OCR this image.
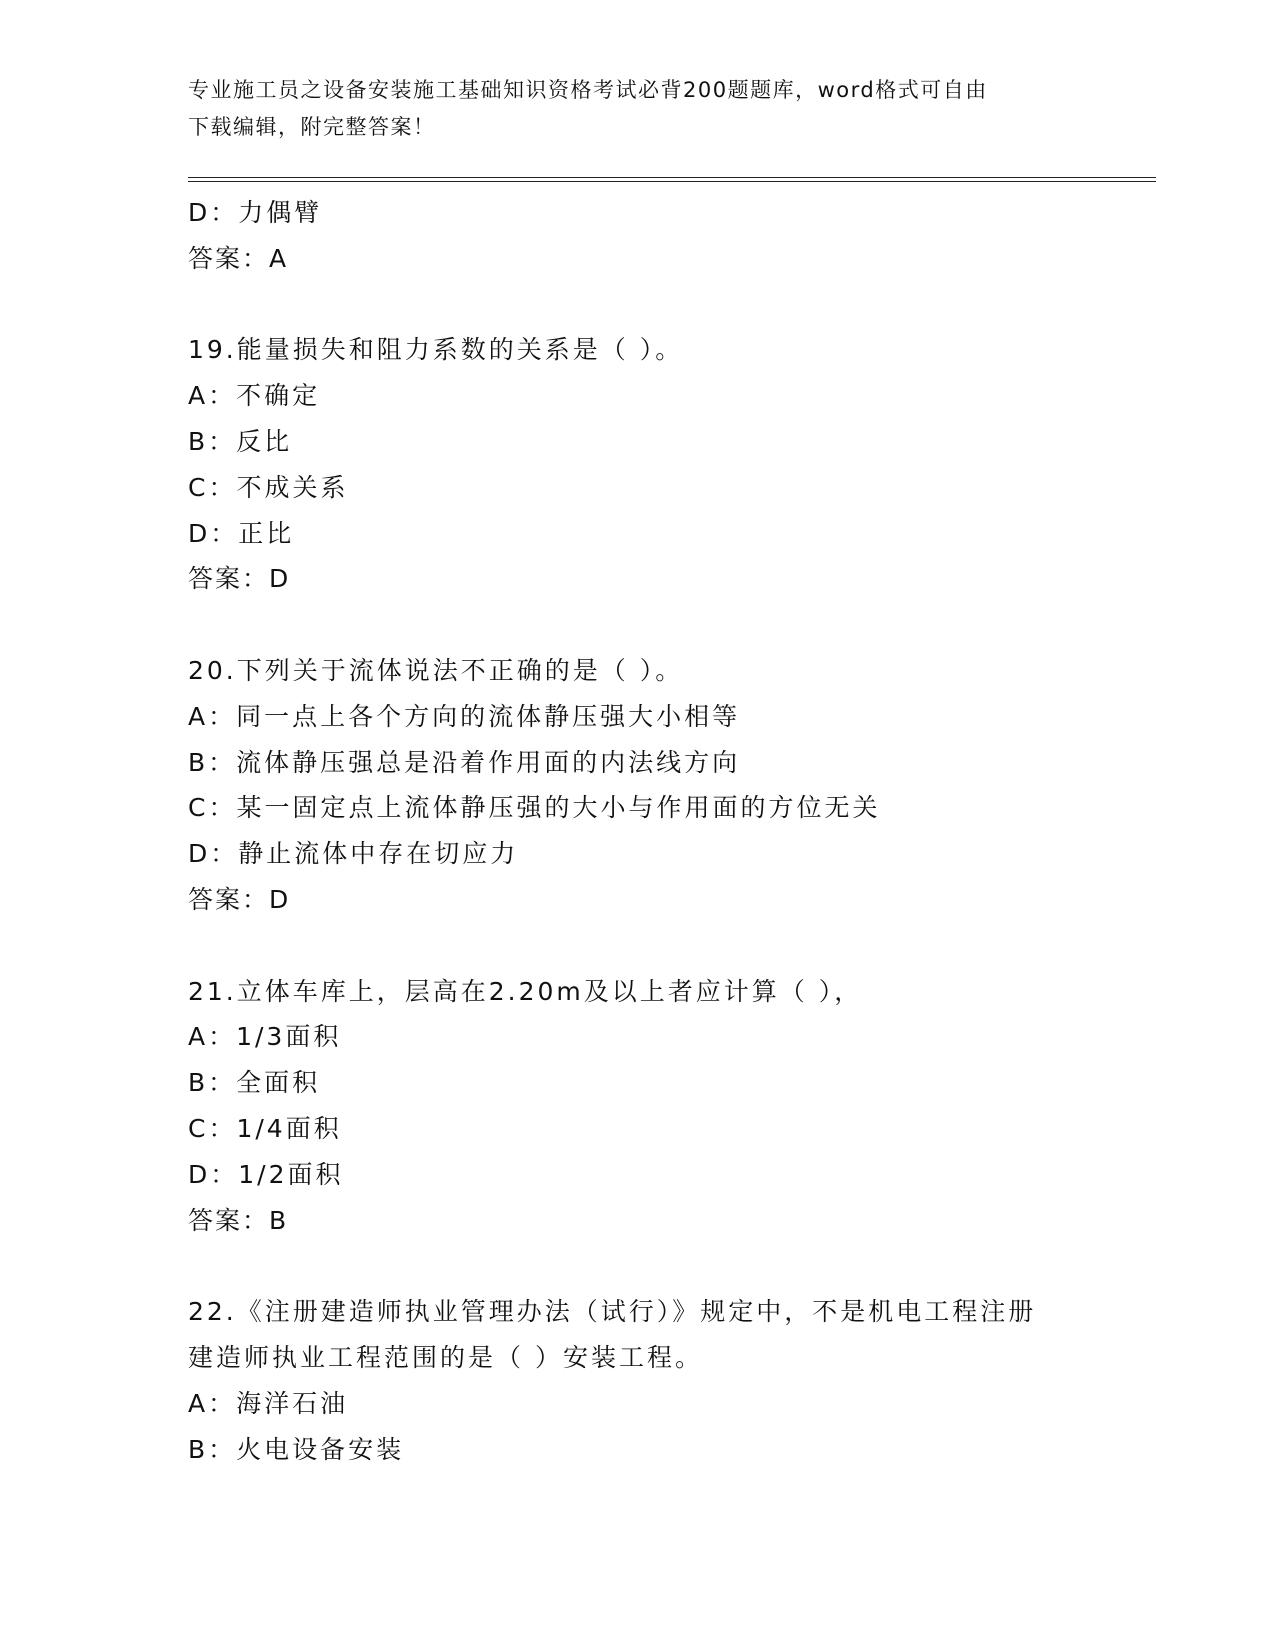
专业施工员之设备安装施工基础知识资格考试必背200题题库，word格式可自由
下载编辑，附完整答案！
D：力偶臂
答案：A
19.能量损失和阻力系数的关系是（ ）。
A：不确定
B：反比
C：不成关系
D：正比
答案：D
20.下列关于流体说法不正确的是（ ）。
A：同一点上各个方向的流体静压强大小相等
B：流体静压强总是沿着作用面的内法线方向
C：某一固定点上流体静压强的大小与作用面的方位无关
D：静止流体中存在切应力
答案：D
21.立体车库上，层高在2.20m及以上者应计算（ ），
A：1/3面积
B：全面积
C：1/4面积
D：1/2面积
答案：B
22.《注册建造师执业管理办法（试行）》规定中，不是机电工程注册
建造师执业工程范围的是（ ）安装工程。
A：海洋石油
B：火电设备安装
